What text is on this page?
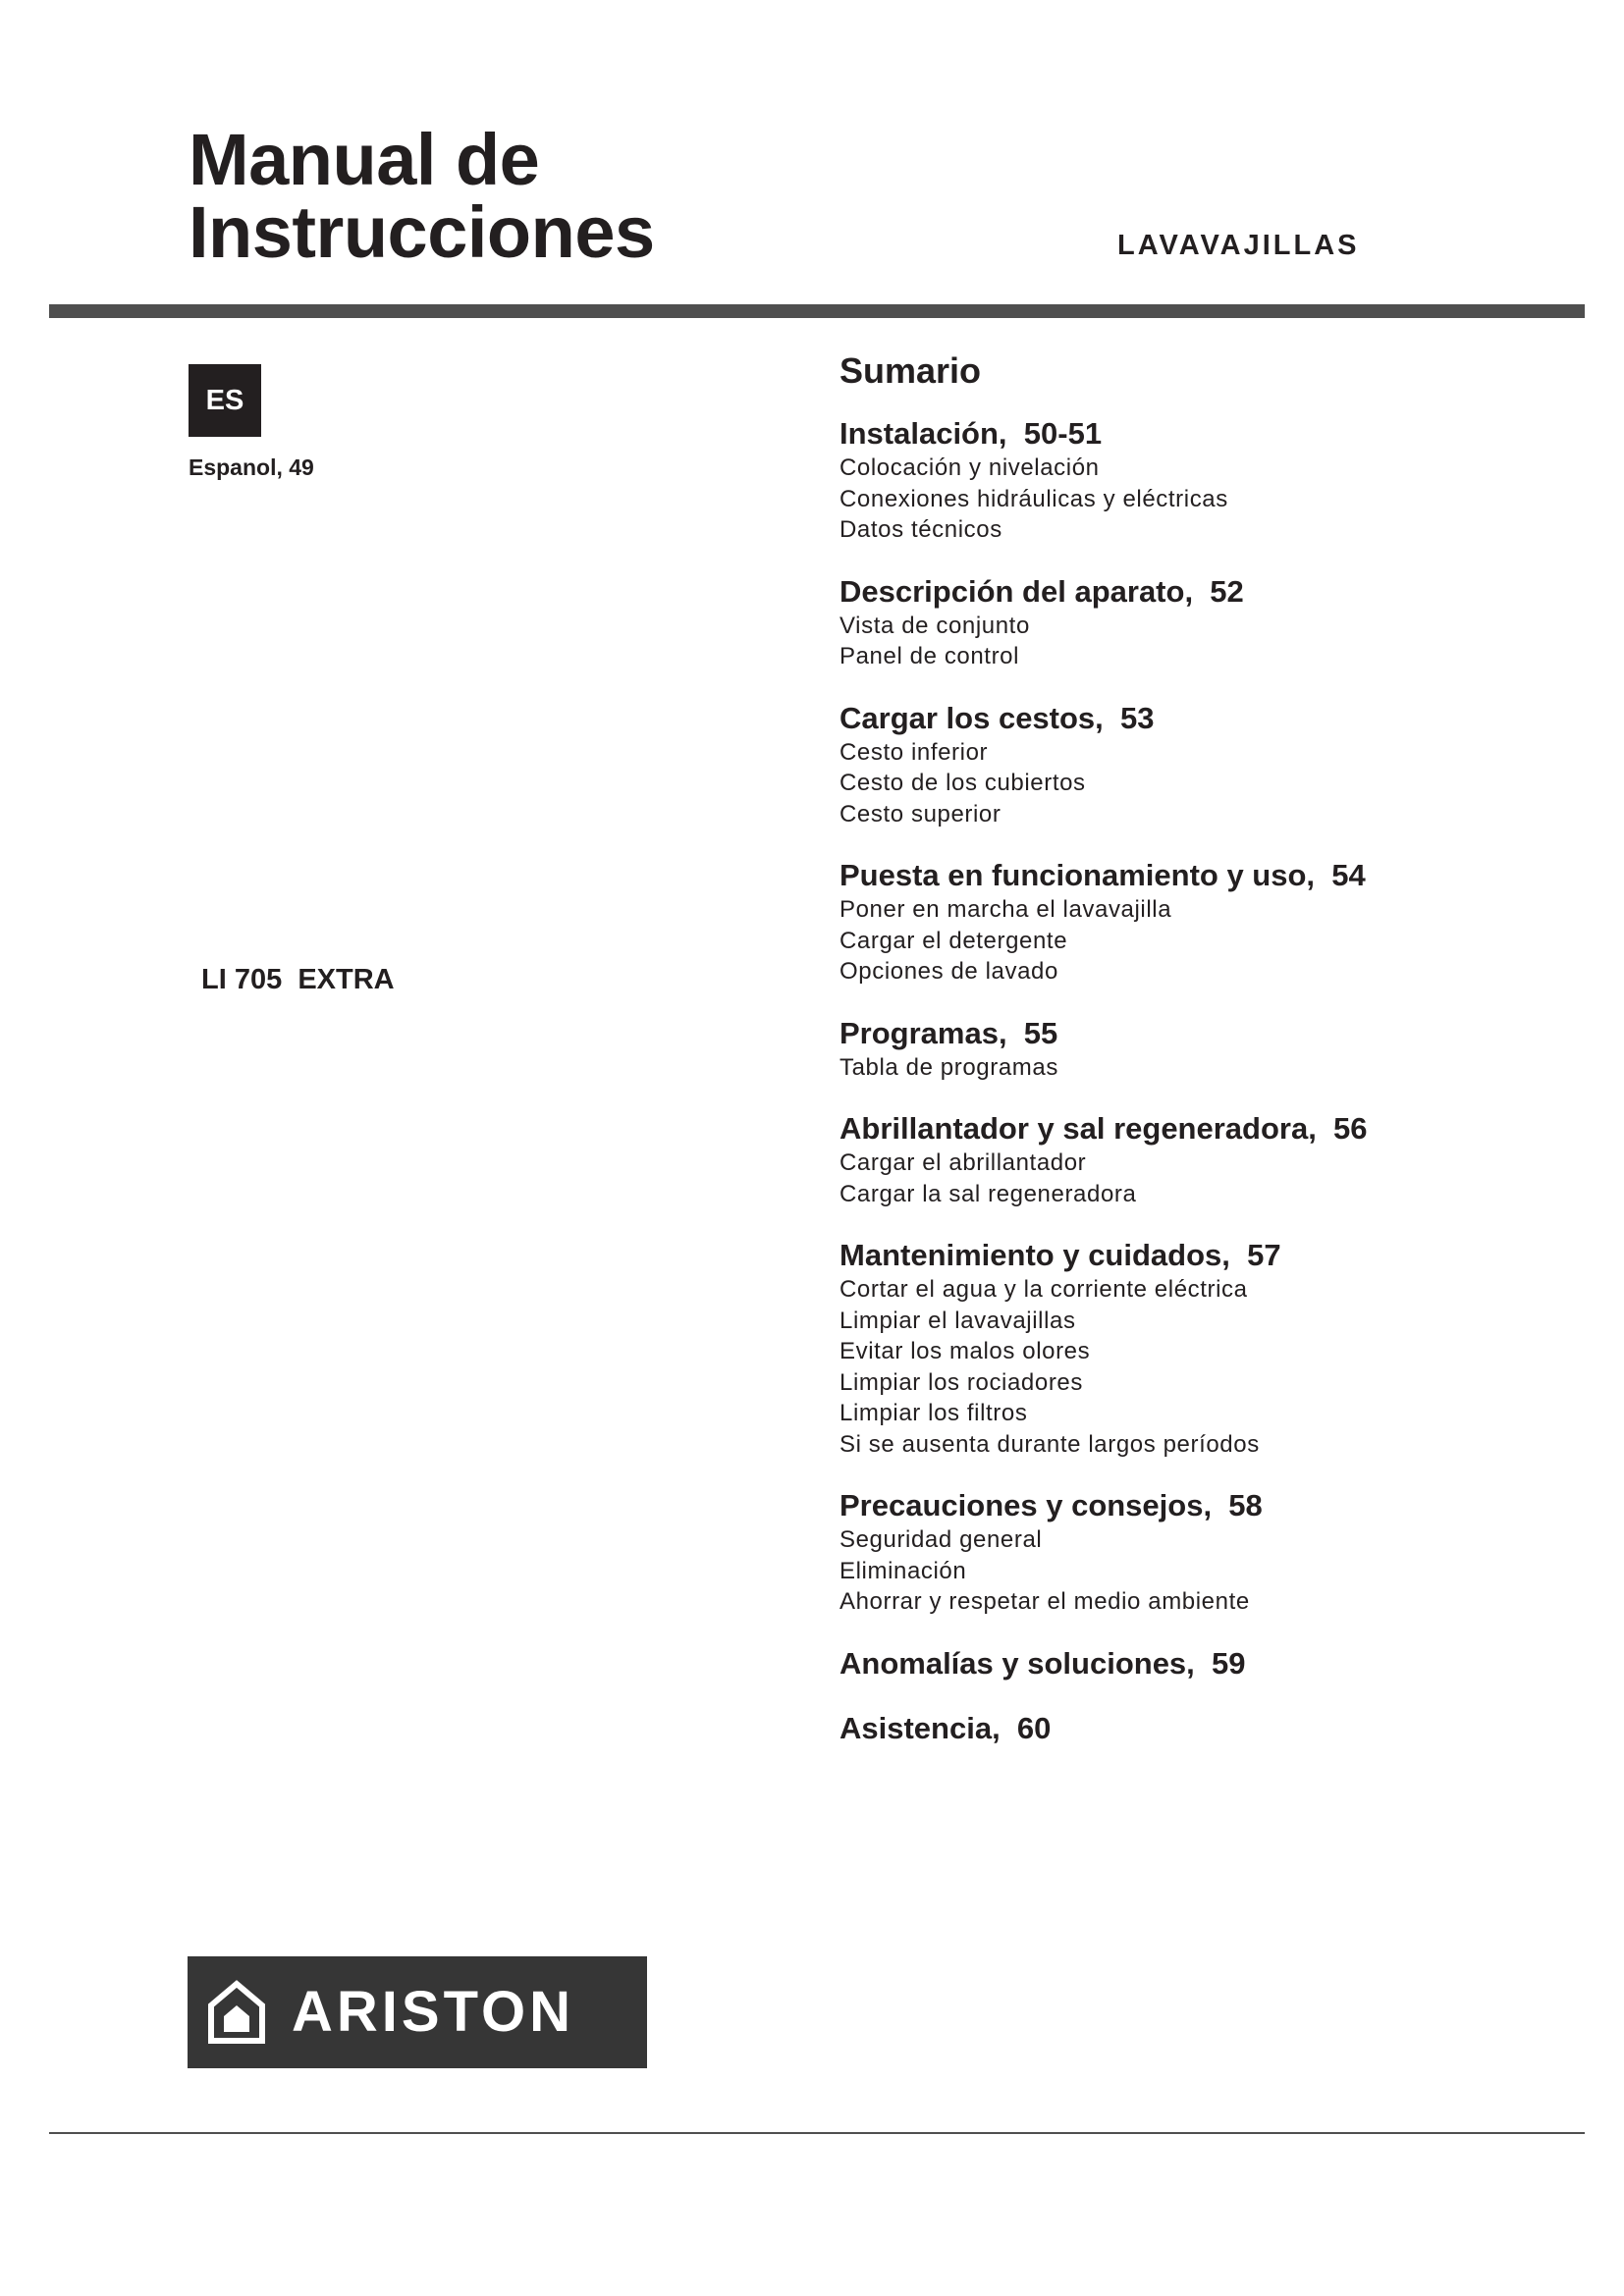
Manual de
Instrucciones	LAVAVAJILLAS
ES
Espanol, 49
LI 705  EXTRA
Sumario
Instalación,  50-51
Colocación y nivelación
Conexiones hidráulicas y eléctricas
Datos técnicos
Descripción del aparato,  52
Vista de conjunto
Panel de control
Cargar los cestos,  53
Cesto inferior
Cesto de los cubiertos
Cesto superior
Puesta en funcionamiento y uso,  54
Poner en marcha el lavavajilla
Cargar el detergente
Opciones de lavado
Programas,  55
Tabla de programas
Abrillantador y sal regeneradora,  56
Cargar el abrillantador
Cargar la sal regeneradora
Mantenimiento y cuidados,  57
Cortar el agua y la corriente eléctrica
Limpiar el lavavajillas
Evitar los malos olores
Limpiar los rociadores
Limpiar los filtros
Si se ausenta durante largos períodos
Precauciones y consejos,  58
Seguridad general
Eliminación
Ahorrar y respetar el medio ambiente
Anomalías y soluciones,  59
Asistencia,  60
ARISTON
